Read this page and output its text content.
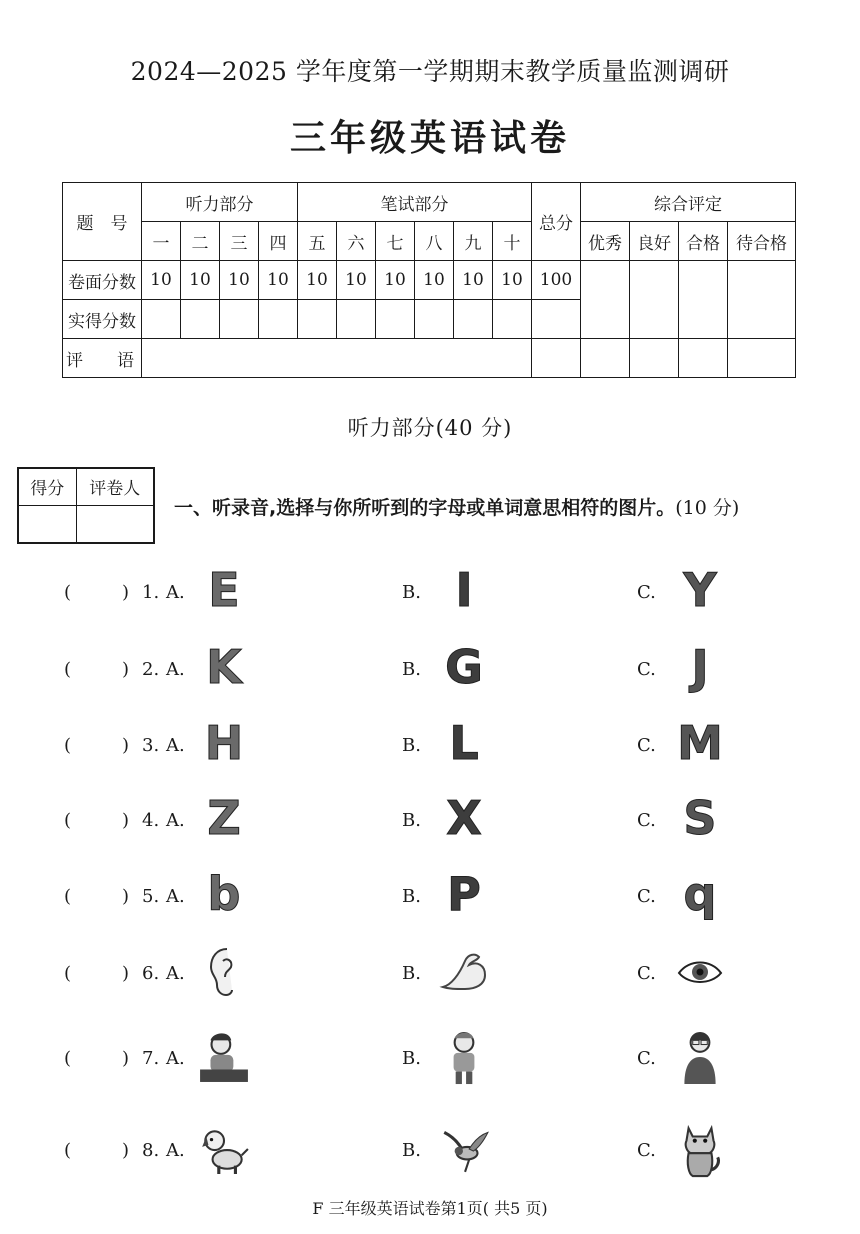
2024—2025 学年度第一学期期末教学质量监测调研
三年级英语试卷
题　号	听力部分				笔试部分						总分	综合评定			
	一	二	三	四	五	六	七	八	九	十		优秀	良好	合格	待合格
卷面分数	10	10	10	10	10	10	10	10	10	10	100				
实得分数															
评　　语															
听力部分(40 分)
得分	评卷人

一、听录音,选择与你所听到的字母或单词意思相符的图片。(10 分)
(	) 1. A. E	B. I	C. Y
(	) 2. A. K	B. G	C. J
(	) 3. A. H	B. L	C. M
(	) 4. A. Z	B. X	C. S
(	) 5. A. b	B. P	C. q
(	) 6. A.	B.	C.
(	) 7. A.	B.	C.
(	) 8. A.	B.	C.
F 三年级英语试卷第1页( 共5 页)
